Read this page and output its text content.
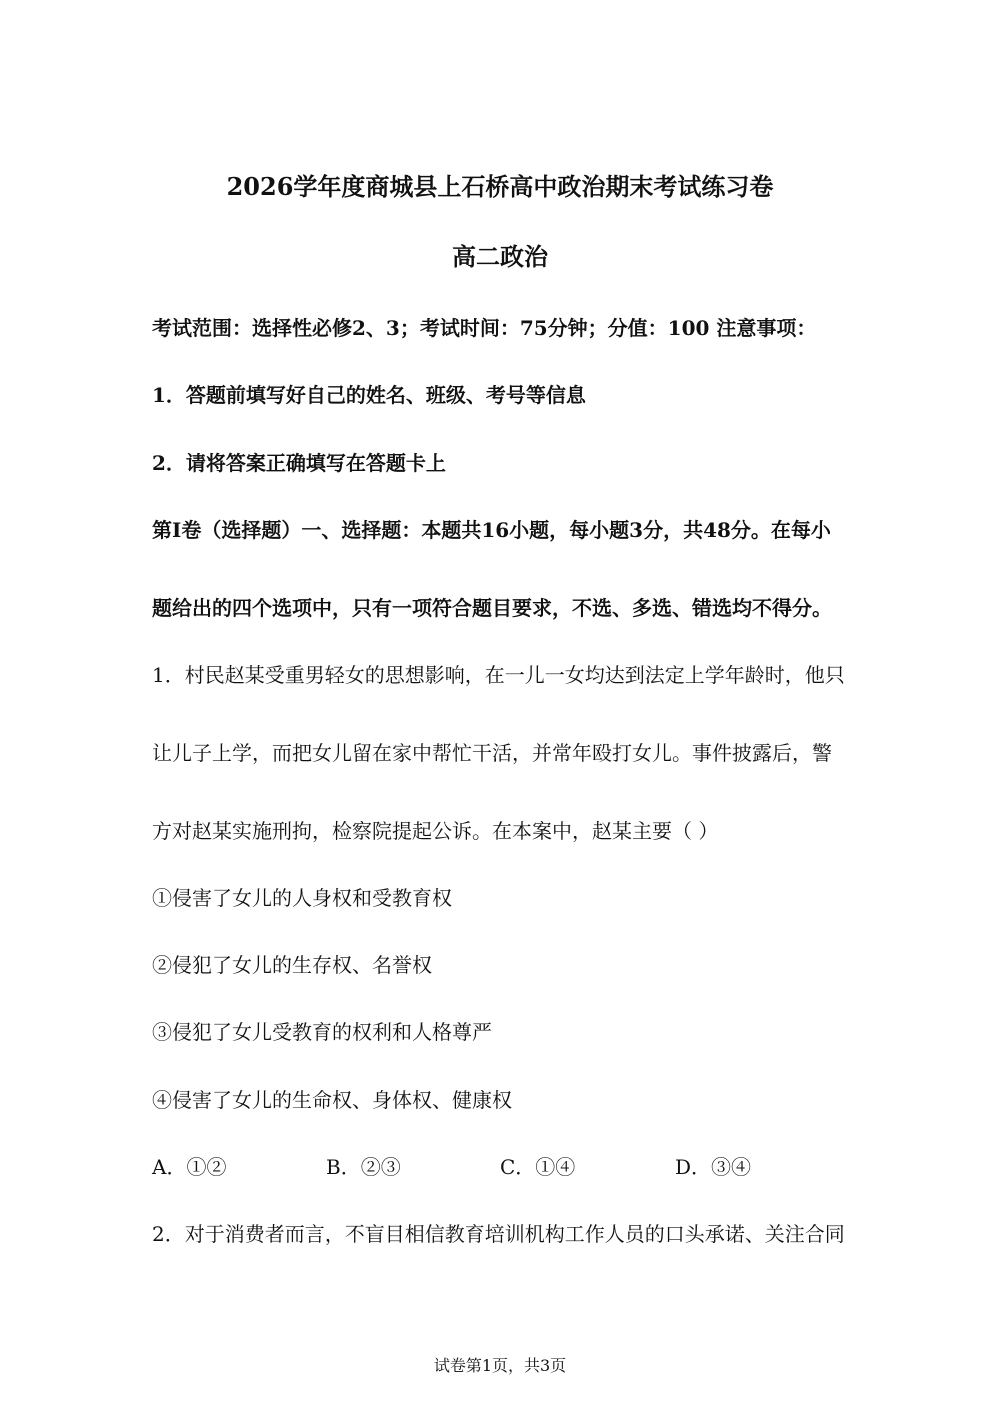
2026学年度商城县上石桥高中政治期末考试练习卷
高二政治
考试范围：选择性必修2、3；考试时间：75分钟；分值：100 注意事项：
1．答题前填写好自己的姓名、班级、考号等信息
2．请将答案正确填写在答题卡上
第I卷（选择题）一、选择题：本题共16小题，每小题3分，共48分。在每小
题给出的四个选项中，只有一项符合题目要求，不选、多选、错选均不得分。
1．村民赵某受重男轻女的思想影响，在一儿一女均达到法定上学年龄时，他只
让儿子上学，而把女儿留在家中帮忙干活，并常年殴打女儿。事件披露后，警
方对赵某实施刑拘，检察院提起公诉。在本案中，赵某主要（ ）
①侵害了女儿的人身权和受教育权
②侵犯了女儿的生存权、名誉权
③侵犯了女儿受教育的权利和人格尊严
④侵害了女儿的生命权、身体权、健康权
A．①②	B．②③	C．①④	D．③④
2．对于消费者而言，不盲目相信教育培训机构工作人员的口头承诺、关注合同
试卷第1页，共3页
